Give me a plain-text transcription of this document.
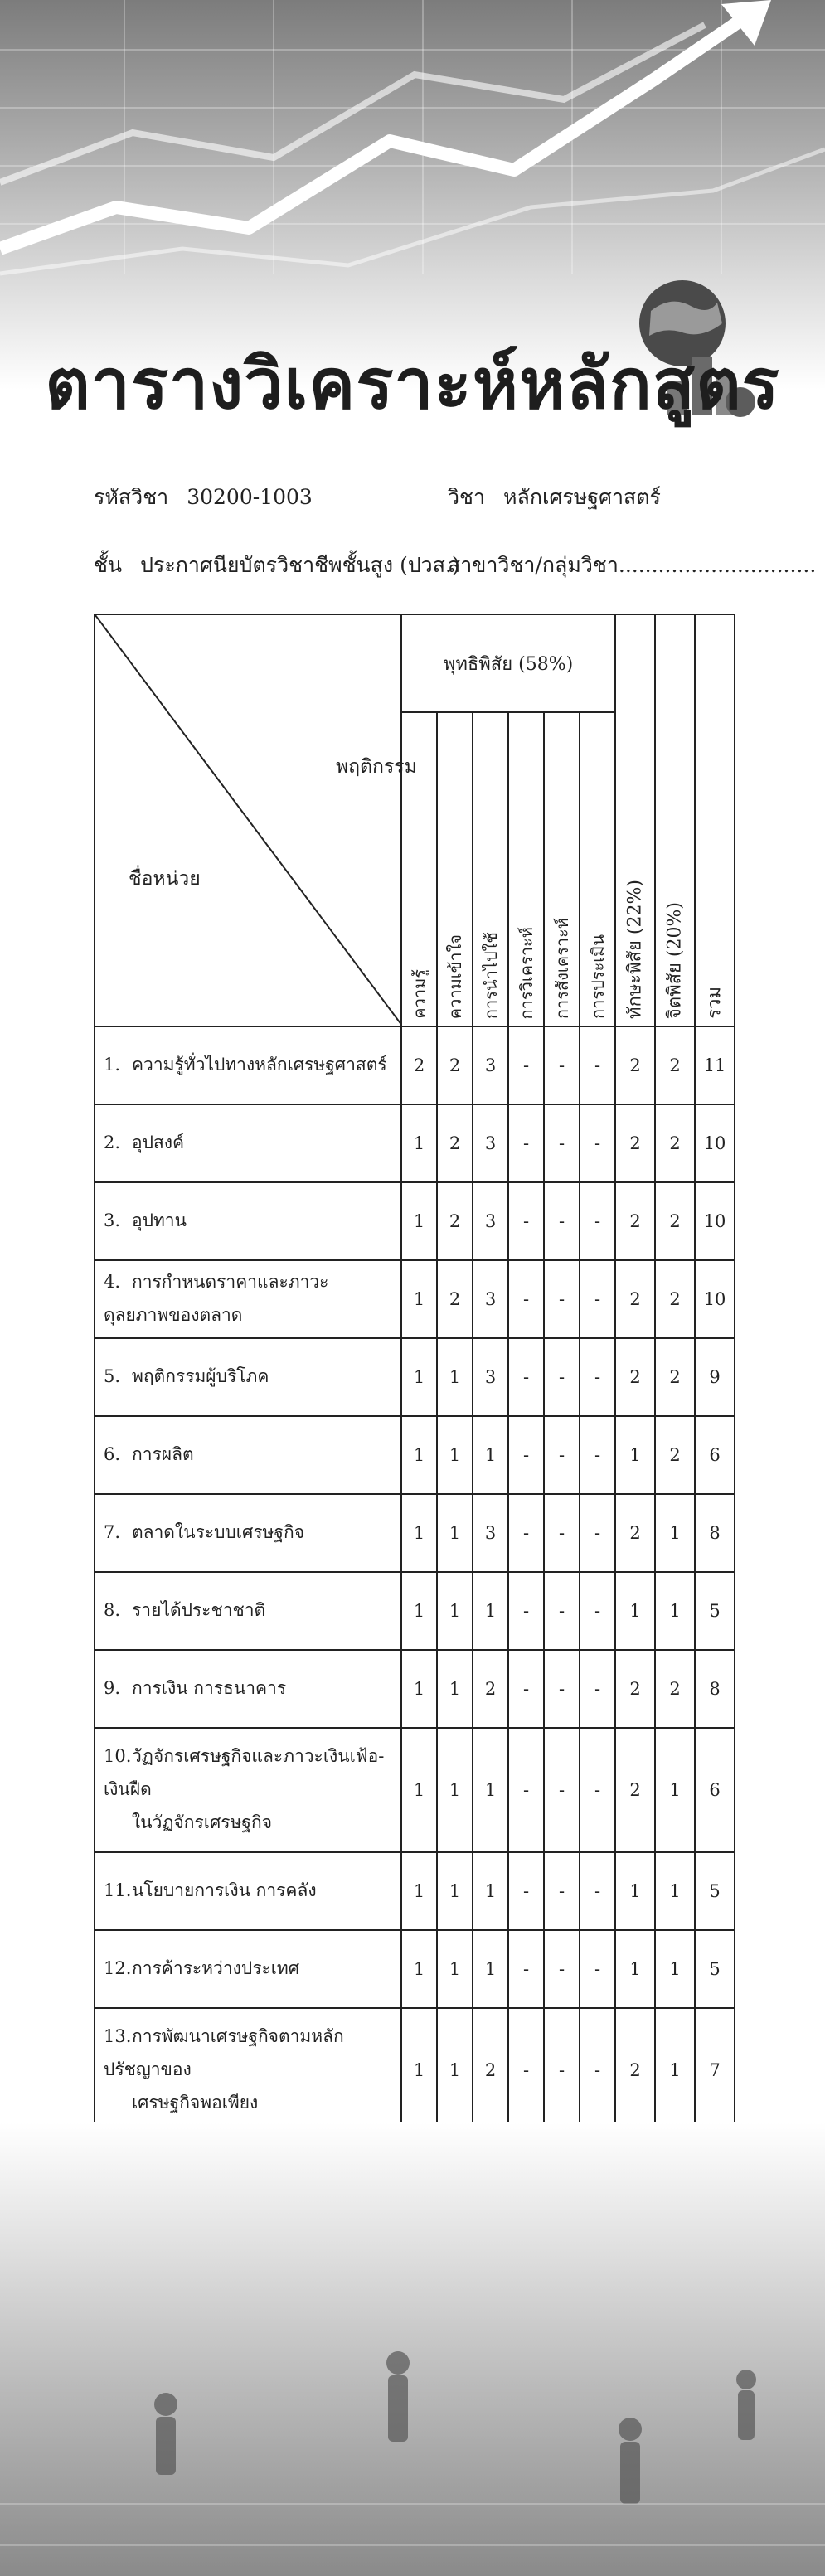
ตารางวิเคราะห์หลักสูตร
รหัสวิชา 30200-1003	วิชา หลักเศรษฐศาสตร์
ชั้น ประกาศนียบัตรวิชาชีพชั้นสูง (ปวส.)
สาขาวิชา/กลุ่มวิชา..............................
พฤติกรรม
ชื่อหน่วย	พุทธิพิสัย (58%)						ทักษะพิสัย (22%)	จิตพิสัย (20%)	รวม

	ความรู้	ความเข้าใจ	การนำไปใช้	การวิเคราะห์	การสังเคราะห์	การประเมิน			

1. ความรู้ทั่วไปทางหลักเศรษฐศาสตร์	2	2	3	-	-	-	2	2	11
2. อุปสงค์	1	2	3	-	-	-	2	2	10
3. อุปทาน	1	2	3	-	-	-	2	2	10
4. การกำหนดราคาและภาวะดุลยภาพของตลาด	1	2	3	-	-	-	2	2	10
5. พฤติกรรมผู้บริโภค	1	1	3	-	-	-	2	2	9
6. การผลิต	1	1	1	-	-	-	1	2	6
7. ตลาดในระบบเศรษฐกิจ	1	1	3	-	-	-	2	1	8
8. รายได้ประชาชาติ	1	1	1	-	-	-	1	1	5
9. การเงิน การธนาคาร	1	1	2	-	-	-	2	2	8
10.วัฏจักรเศรษฐกิจและภาวะเงินเฟ้อ-เงินฝืด
ในวัฏจักรเศรษฐกิจ	1	1	1	-	-	-	2	1	6
11.นโยบายการเงิน การคลัง	1	1	1	-	-	-	1	1	5
12.การค้าระหว่างประเทศ	1	1	1	-	-	-	1	1	5
13.การพัฒนาเศรษฐกิจตามหลักปรัชญาของ
เศรษฐกิจพอเพียง	1	1	2	-	-	-	2	1	7
